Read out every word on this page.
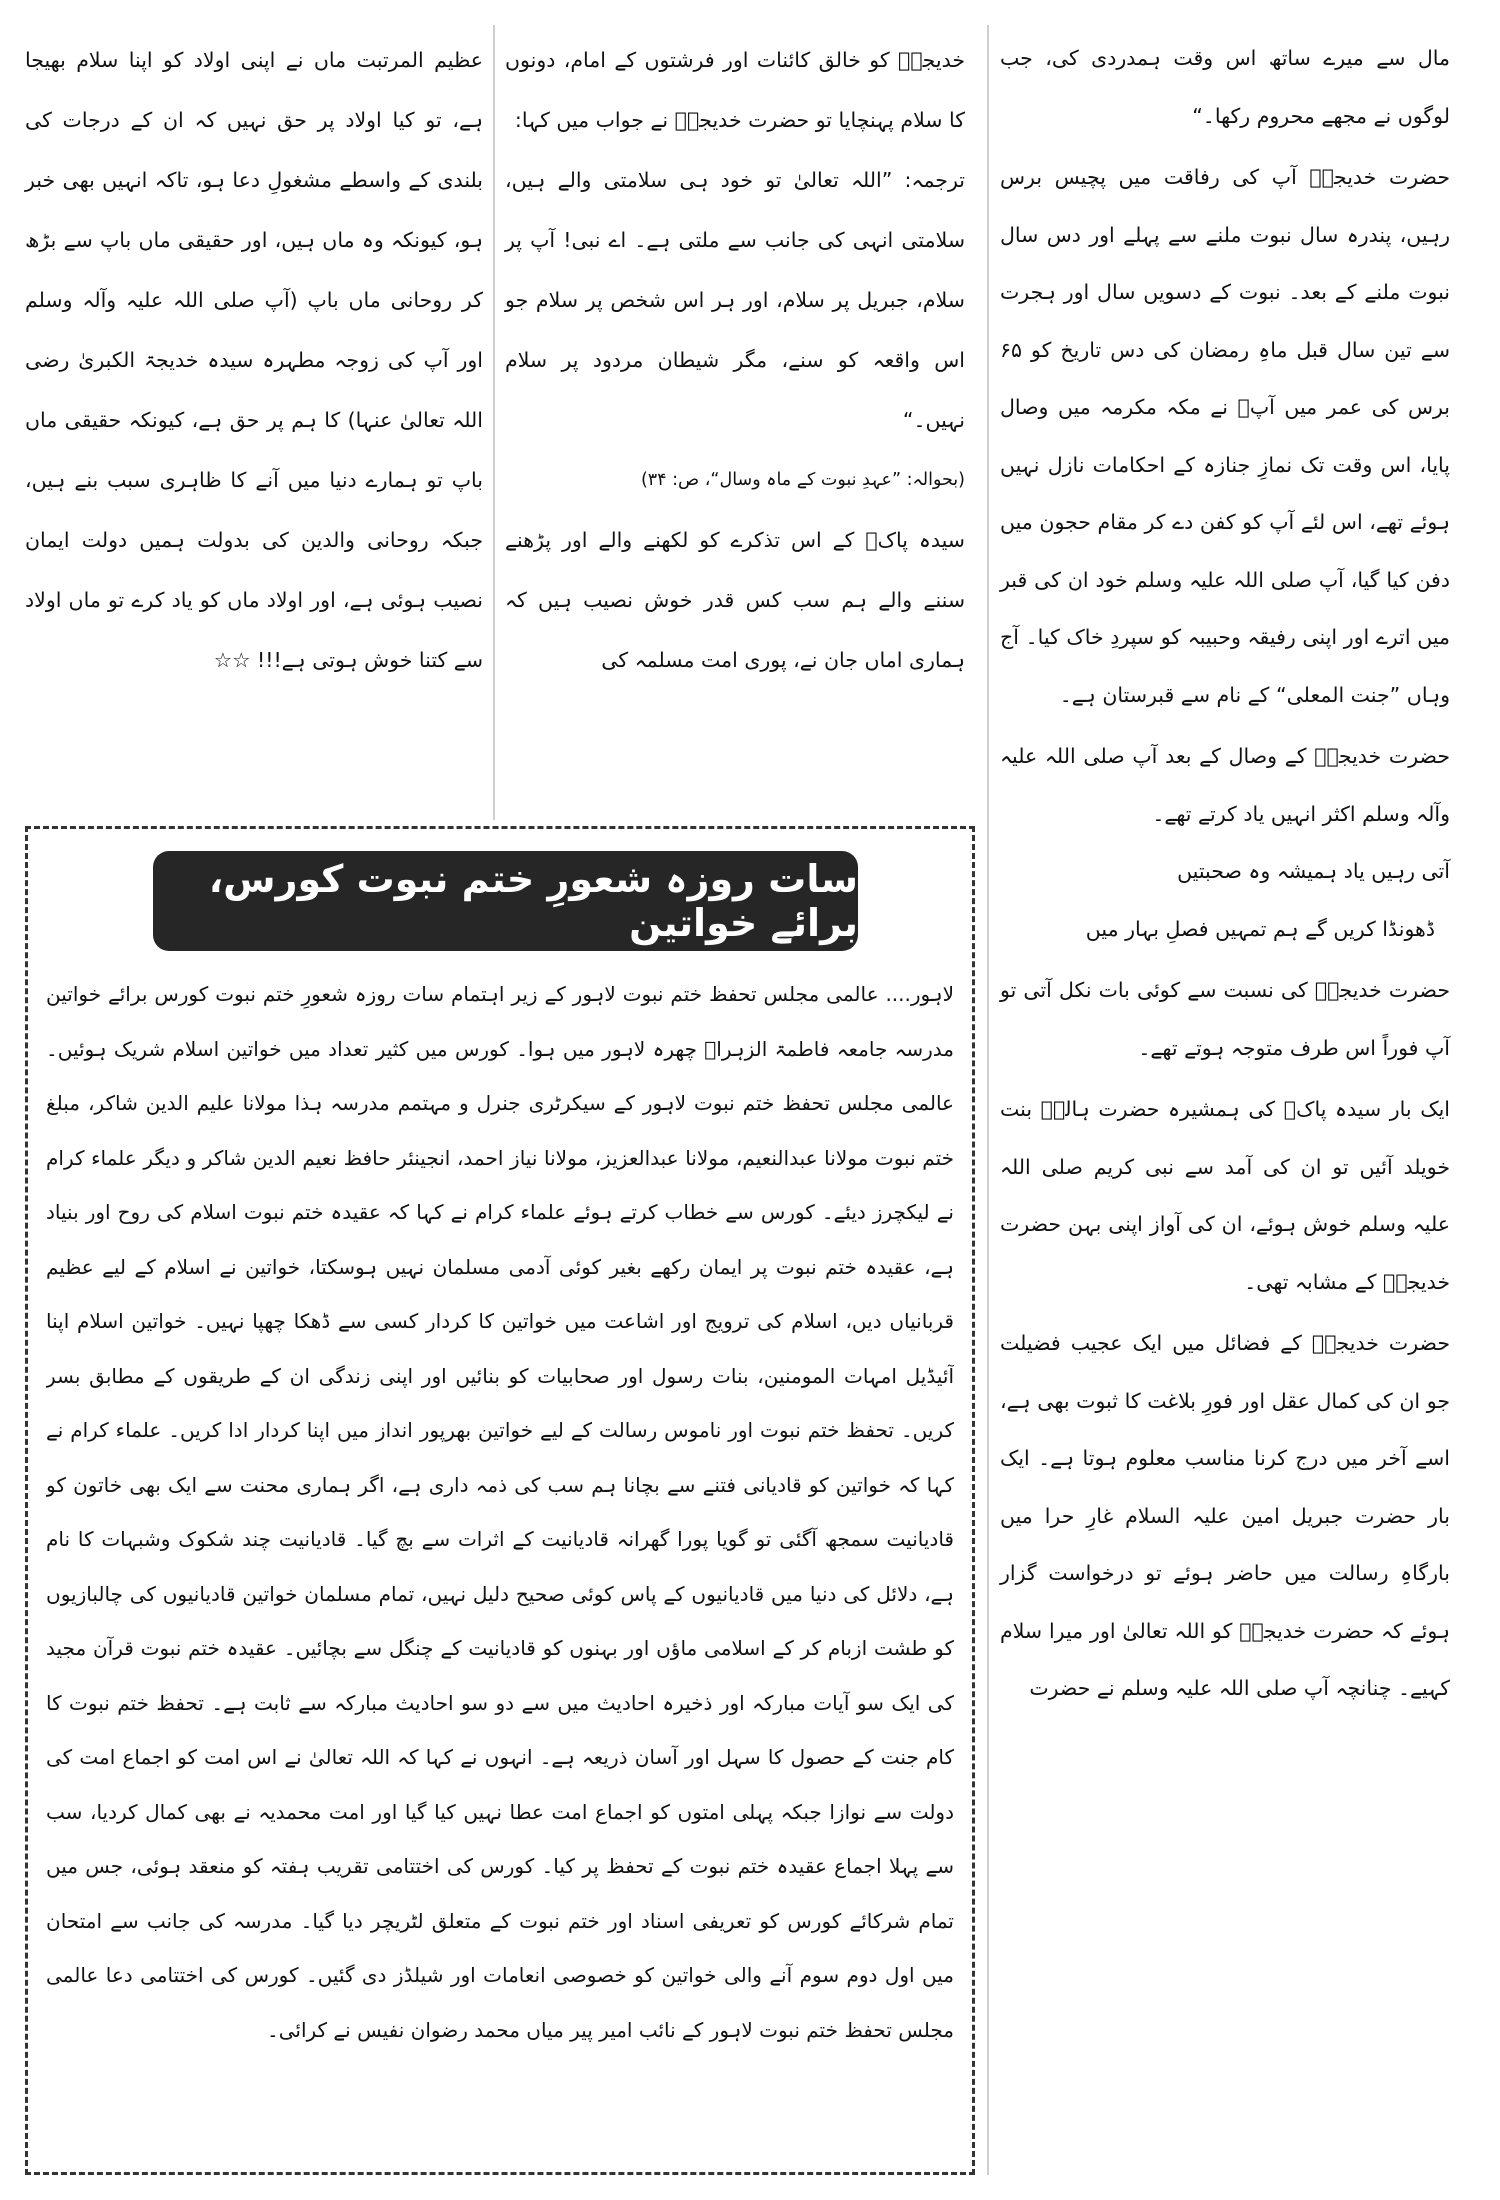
مال سے میرے ساتھ اس وقت ہمدردی کی، جب لوگوں نے مجھے محروم رکھا۔“

حضرت خدیجہؓ آپ کی رفاقت میں پچیس برس رہیں، پندرہ سال نبوت ملنے سے پہلے اور دس سال نبوت ملنے کے بعد۔ نبوت کے دسویں سال اور ہجرت سے تین سال قبل ماہِ رمضان کی دس تاریخ کو ۶۵ برس کی عمر میں آپؓ نے مکہ مکرمہ میں وصال پایا، اس وقت تک نمازِ جنازہ کے احکامات نازل نہیں ہوئے تھے، اس لئے آپ کو کفن دے کر مقام حجون میں دفن کیا گیا، آپ صلی اللہ علیہ وسلم خود ان کی قبر میں اترے اور اپنی رفیقہ وحبیبہ کو سپردِ خاک کیا۔ آج وہاں ”جنت المعلی“ کے نام سے قبرستان ہے۔

حضرت خدیجہؓ کے وصال کے بعد آپ صلی اللہ علیہ وآلہ وسلم اکثر انہیں یاد کرتے تھے۔

آتی رہیں یاد ہمیشہ وہ صحبتیں

ڈھونڈا کریں گے ہم تمہیں فصلِ بہار میں

حضرت خدیجہؓ کی نسبت سے کوئی بات نکل آتی تو آپ فوراً اس طرف متوجہ ہوتے تھے۔

ایک بار سیدہ پاکؓ کی ہمشیرہ حضرت ہالہؓ بنت خویلد آئیں تو ان کی آمد سے نبی کریم صلی اللہ علیہ وسلم خوش ہوئے، ان کی آواز اپنی بہن حضرت خدیجہؓ کے مشابہ تھی۔

حضرت خدیجہؓ کے فضائل میں ایک عجیب فضیلت جو ان کی کمال عقل اور فورِ بلاغت کا ثبوت بھی ہے، اسے آخر میں درج کرنا مناسب معلوم ہوتا ہے۔ ایک بار حضرت جبریل امین علیہ السلام غارِ حرا میں بارگاہِ رسالت میں حاضر ہوئے تو درخواست گزار ہوئے کہ حضرت خدیجہؓ کو اللہ تعالیٰ اور میرا سلام کہیے۔ چنانچہ آپ صلی اللہ علیہ وسلم نے حضرت

خدیجہؓ کو خالق کائنات اور فرشتوں کے امام، دونوں کا سلام پہنچایا تو حضرت خدیجہؓ نے جواب میں کہا:

ترجمہ: ”اللہ تعالیٰ تو خود ہی سلامتی والے ہیں، سلامتی انہی کی جانب سے ملتی ہے۔ اے نبی! آپ پر سلام، جبریل پر سلام، اور ہر اس شخص پر سلام جو اس واقعہ کو سنے، مگر شیطان مردود پر سلام نہیں۔“

(بحوالہ: ”عہدِ نبوت کے ماہ وسال“، ص: ۳۴)

سیدہ پاکؓ کے اس تذکرے کو لکھنے والے اور پڑھنے سننے والے ہم سب کس قدر خوش نصیب ہیں کہ ہماری اماں جان نے، پوری امت مسلمہ کی

عظیم المرتبت ماں نے اپنی اولاد کو اپنا سلام بھیجا ہے، تو کیا اولاد پر حق نہیں کہ ان کے درجات کی بلندی کے واسطے مشغولِ دعا ہو، تاکہ انہیں بھی خبر ہو، کیونکہ وہ ماں ہیں، اور حقیقی ماں باپ سے بڑھ کر روحانی ماں باپ (آپ صلی اللہ علیہ وآلہ وسلم اور آپ کی زوجہ مطہرہ سیدہ خدیجۃ الکبریٰ رضی اللہ تعالیٰ عنہا) کا ہم پر حق ہے، کیونکہ حقیقی ماں باپ تو ہمارے دنیا میں آنے کا ظاہری سبب بنے ہیں، جبکہ روحانی والدین کی بدولت ہمیں دولت ایمان نصیب ہوئی ہے، اور اولاد ماں کو یاد کرے تو ماں اولاد سے کتنا خوش ہوتی ہے!!! ☆☆

سات روزہ شعورِ ختم نبوت کورس، برائے خواتین

لاہور.... عالمی مجلس تحفظ ختم نبوت لاہور کے زیر اہتمام سات روزہ شعورِ ختم نبوت کورس برائے خواتین مدرسہ جامعہ فاطمۃ الزہراؓ چھرہ لاہور میں ہوا۔ کورس میں کثیر تعداد میں خواتین اسلام شریک ہوئیں۔ عالمی مجلس تحفظ ختم نبوت لاہور کے سیکرٹری جنرل و مہتمم مدرسہ ہذا مولانا علیم الدین شاکر، مبلغ ختم نبوت مولانا عبدالنعیم، مولانا عبدالعزیز، مولانا نیاز احمد، انجینئر حافظ نعیم الدین شاکر و دیگر علماء کرام نے لیکچرز دیئے۔ کورس سے خطاب کرتے ہوئے علماء کرام نے کہا کہ عقیدہ ختم نبوت اسلام کی روح اور بنیاد ہے، عقیدہ ختم نبوت پر ایمان رکھے بغیر کوئی آدمی مسلمان نہیں ہوسکتا، خواتین نے اسلام کے لیے عظیم قربانیاں دیں، اسلام کی ترویج اور اشاعت میں خواتین کا کردار کسی سے ڈھکا چھپا نہیں۔ خواتین اسلام اپنا آئیڈیل امہات المومنین، بنات رسول اور صحابیات کو بنائیں اور اپنی زندگی ان کے طریقوں کے مطابق بسر کریں۔ تحفظ ختم نبوت اور ناموس رسالت کے لیے خواتین بھرپور انداز میں اپنا کردار ادا کریں۔ علماء کرام نے کہا کہ خواتین کو قادیانی فتنے سے بچانا ہم سب کی ذمہ داری ہے، اگر ہماری محنت سے ایک بھی خاتون کو قادیانیت سمجھ آگئی تو گویا پورا گھرانہ قادیانیت کے اثرات سے بچ گیا۔ قادیانیت چند شکوک وشبہات کا نام ہے، دلائل کی دنیا میں قادیانیوں کے پاس کوئی صحیح دلیل نہیں، تمام مسلمان خواتین قادیانیوں کی چالبازیوں کو طشت ازبام کر کے اسلامی ماؤں اور بہنوں کو قادیانیت کے چنگل سے بچائیں۔ عقیدہ ختم نبوت قرآن مجید کی ایک سو آیات مبارکہ اور ذخیرہ احادیث میں سے دو سو احادیث مبارکہ سے ثابت ہے۔ تحفظ ختم نبوت کا کام جنت کے حصول کا سہل اور آسان ذریعہ ہے۔ انہوں نے کہا کہ اللہ تعالیٰ نے اس امت کو اجماع امت کی دولت سے نوازا جبکہ پہلی امتوں کو اجماع امت عطا نہیں کیا گیا اور امت محمدیہ نے بھی کمال کردیا، سب سے پہلا اجماع عقیدہ ختم نبوت کے تحفظ پر کیا۔ کورس کی اختتامی تقریب ہفتہ کو منعقد ہوئی، جس میں تمام شرکائے کورس کو تعریفی اسناد اور ختم نبوت کے متعلق لٹریچر دیا گیا۔ مدرسہ کی جانب سے امتحان میں اول دوم سوم آنے والی خواتین کو خصوصی انعامات اور شیلڈز دی گئیں۔ کورس کی اختتامی دعا عالمی مجلس تحفظ ختم نبوت لاہور کے نائب امیر پیر میاں محمد رضوان نفیس نے کرائی۔
